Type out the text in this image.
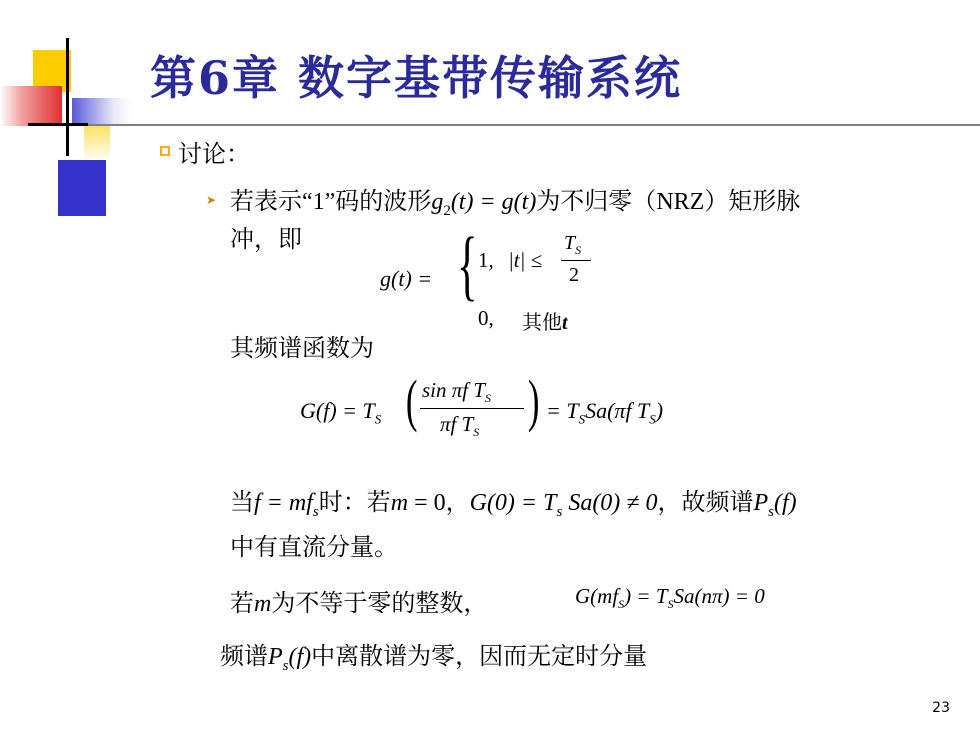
第6章 数字基带传输系统
讨论：
➤ 若表示“1”码的波形$g_2(t) = g(t)$为不归零（NRZ）矩形脉
冲，即
g(t) = { 1, |t| ≤
$T_S$
2
0, 其他t
其频谱函数为
$G(f) = T_S$ ( sin πf $T_S$
πf $T_S$ ) = $T_SSa(\pi f$ $T_S$)
当$f = mf_s$时：若m = 0，$G(0) = T_s$ Sa(0) ≠ 0，故频谱$P_s(f)$
中有直流分量。
若m为不等于零的整数，	$G(mf_S) = T_SSa(n\pi) = 0$
频谱$P_s(f)$中离散谱为零，因而无定时分量
23
